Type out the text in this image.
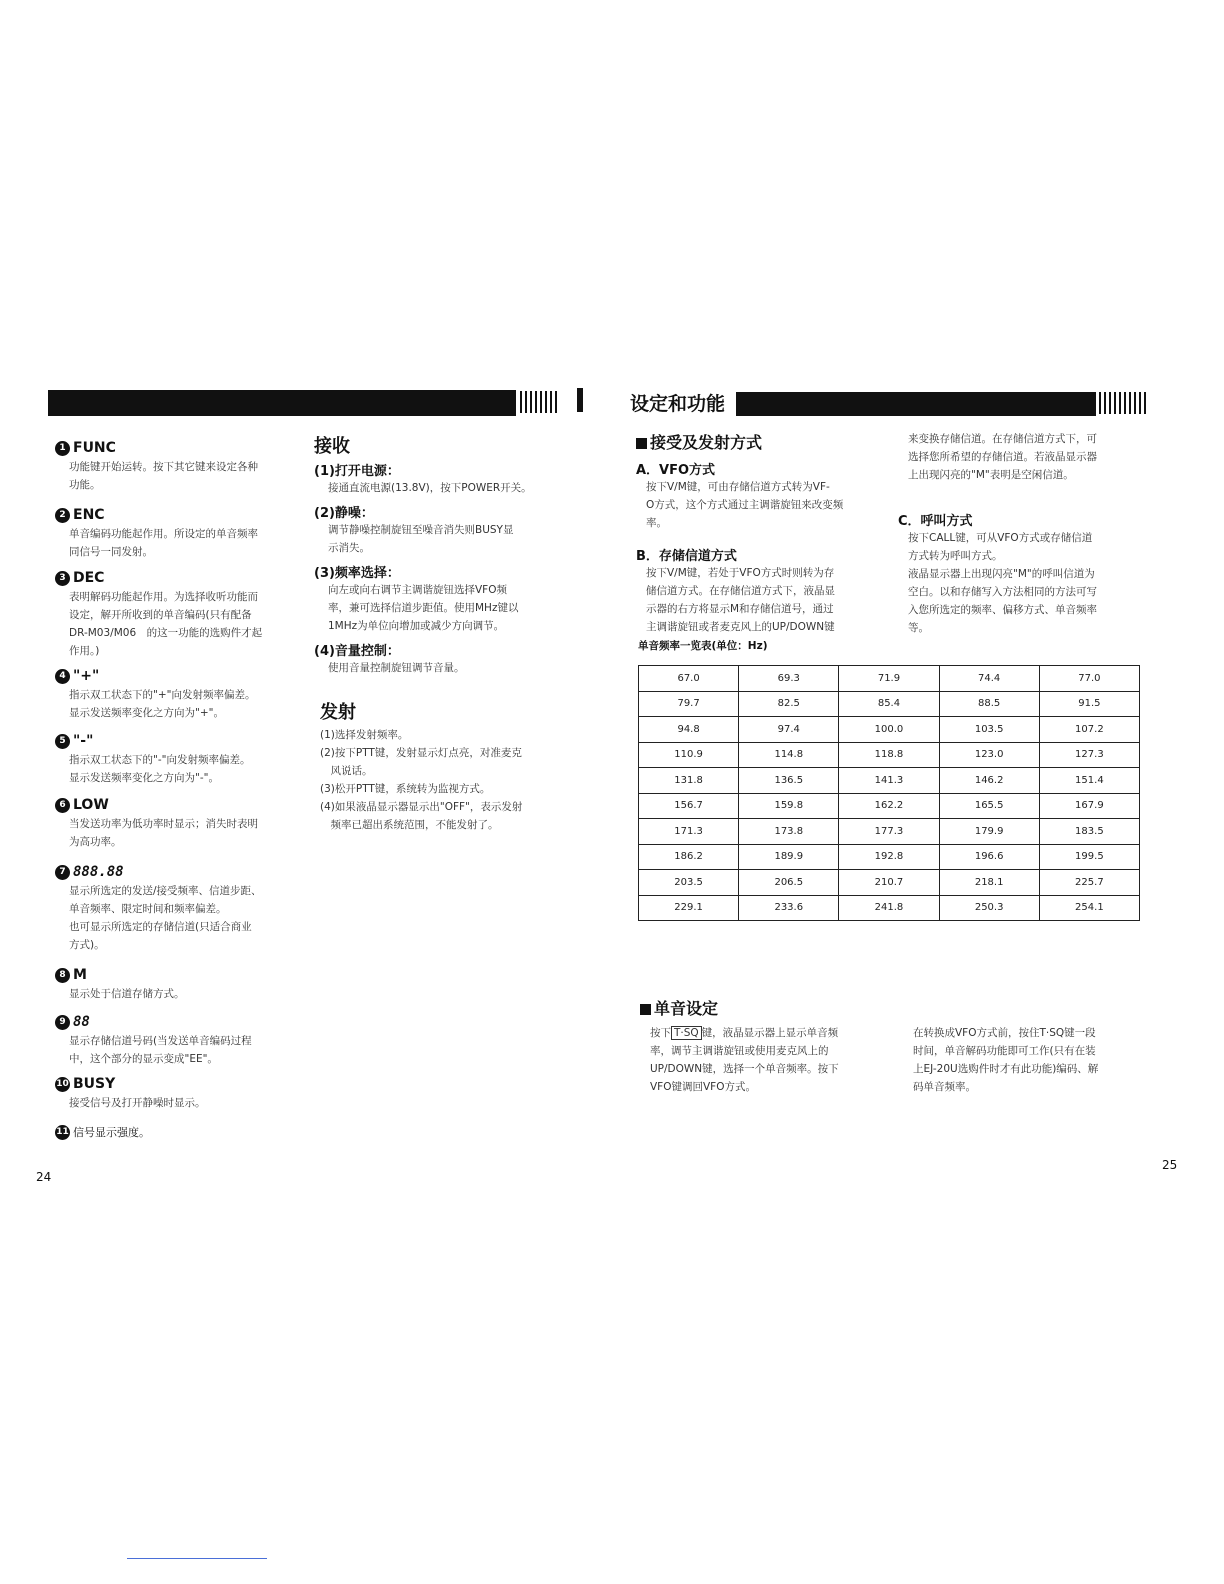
设定和功能
1 FUNC
功能键开始运转。按下其它键来设定各种
功能。
2 ENC
单音编码功能起作用。所设定的单音频率
同信号一同发射。
3 DEC
表明解码功能起作用。为选择收听功能而
设定，解开所收到的单音编码(只有配备
DR-M03/M06　的这一功能的选购件才起
作用。)
4 "+"
指示双工状态下的"+"向发射频率偏差。
显示发送频率变化之方向为"+"。
5 "-"
指示双工状态下的"-"向发射频率偏差。
显示发送频率变化之方向为"-"。
6 LOW
当发送功率为低功率时显示；消失时表明
为高功率。
7 888.88
显示所选定的发送/接受频率、信道步距、
单音频率、限定时间和频率偏差。
也可显示所选定的存储信道(只适合商业
方式)。
8 M
显示处于信道存储方式。
9 88
显示存储信道号码(当发送单音编码过程
中，这个部分的显示变成"EE"。
10 BUSY
接受信号及打开静噪时显示。
11 信号显示强度。
24
接收
(1)打开电源：
接通直流电源(13.8V)，按下POWER开关。
(2)静噪：
调节静噪控制旋钮至噪音消失则BUSY显
示消失。
(3)频率选择：
向左或向右调节主调谐旋钮选择VFO频
率，兼可选择信道步距值。使用MHz键以
1MHz为单位向增加或减少方向调节。
(4)音量控制：
使用音量控制旋钮调节音量。
发射
(1)选择发射频率。
(2)按下PTT键，发射显示灯点亮，对准麦克
　风说话。
(3)松开PTT键，系统转为监视方式。
(4)如果液晶显示器显示出"OFF"，表示发射
　频率已超出系统范围，不能发射了。
接受及发射方式
A．VFO方式
按下V/M键，可由存储信道方式转为VF-
O方式，这个方式通过主调谐旋钮来改变频
率。
B．存储信道方式
按下V/M键，若处于VFO方式时则转为存
储信道方式。在存储信道方式下，液晶显
示器的右方将显示M和存储信道号，通过
主调谐旋钮或者麦克风上的UP/DOWN键
来变换存储信道。在存储信道方式下，可
选择您所希望的存储信道。若液晶显示器
上出现闪亮的"M"表明是空闲信道。
C．呼叫方式
按下CALL键，可从VFO方式或存储信道
方式转为呼叫方式。
液晶显示器上出现闪亮"M"的呼叫信道为
空白。以和存储写入方法相同的方法可写
入您所选定的频率、偏移方式、单音频率
等。
单音频率一览表(单位：Hz)
67.0	69.3	71.9	74.4	77.0
79.7	82.5	85.4	88.5	91.5
94.8	97.4	100.0	103.5	107.2
110.9	114.8	118.8	123.0	127.3
131.8	136.5	141.3	146.2	151.4
156.7	159.8	162.2	165.5	167.9
171.3	173.8	177.3	179.9	183.5
186.2	189.9	192.8	196.6	199.5
203.5	206.5	210.7	218.1	225.7
229.1	233.6	241.8	250.3	254.1
单音设定
按下 T·SQ 键，液晶显示器上显示单音频
率，调节主调谐旋钮或使用麦克风上的
UP/DOWN键，选择一个单音频率。按下
VFO键调回VFO方式。
在转换成VFO方式前，按住T·SQ键一段
时间，单音解码功能即可工作(只有在装
上EJ-20U选购件时才有此功能)编码、解
码单音频率。
25
